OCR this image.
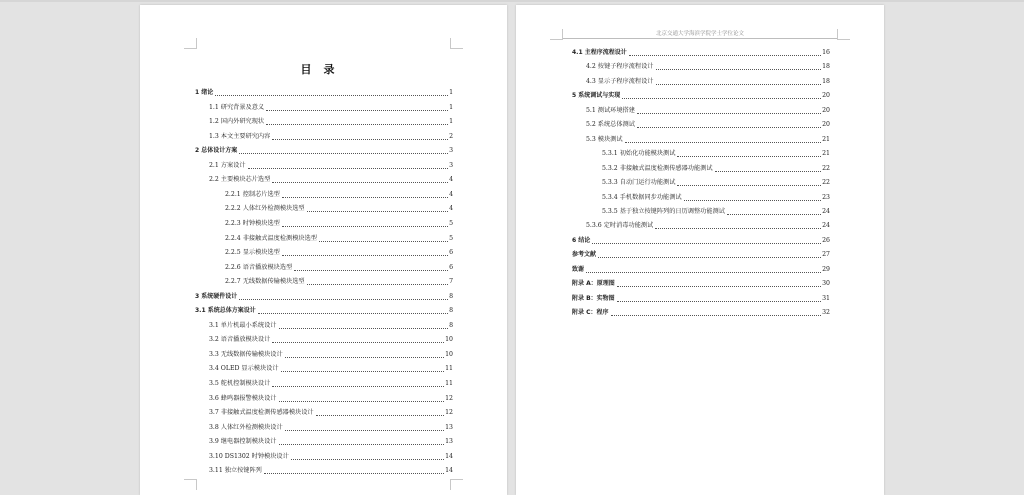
目录
1 绪论	1
1.1 研究背景及意义	1
1.2 国内外研究现状	1
1.3 本文主要研究内容	2
2 总体设计方案	3
2.1 方案设计	3
2.2 主要模块芯片选型	4
2.2.1 控制芯片选型	4
2.2.2 人体红外检测模块选型	4
2.2.3 时钟模块选型	5
2.2.4 非接触式温度检测模块选型	5
2.2.5 显示模块选型	6
2.2.6 语音播放模块选型	6
2.2.7 无线数据传输模块选型	7
3 系统硬件设计	8
3.1 系统总体方案设计	8
3.1 单片机最小系统设计	8
3.2 语音播放模块设计	10
3.3 无线数据传输模块设计	10
3.4 OLED 显示模块设计	11
3.5 舵机控制模块设计	11
3.6 蜂鸣器报警模块设计	12
3.7 非接触式温度检测传感器模块设计	12
3.8 人体红外检测模块设计	13
3.9 继电器控制模块设计	13
3.10 DS1302 时钟模块设计	14
3.11 独立按键阵列	14
北京交通大学海滨学院学士学位论文
4.1 主程序流程设计	16
4.2 按键子程序流程设计	18
4.3 显示子程序流程设计	18
5 系统调试与实现	20
5.1 测试环境搭建	20
5.2 系统总体测试	20
5.3 模块测试	21
5.3.1 初始化功能模块测试	21
5.3.2 非接触式温度检测传感器功能测试	22
5.3.3 自动门运行功能测试	22
5.3.4 手机数据同步功能测试	23
5.3.5 基于独立按键阵列的日历调整功能测试	24
5.3.6 定时消毒功能测试	24
6 结论	26
参考文献	27
致谢	29
附录 A：原理图	30
附录 B：实物图	31
附录 C：程序	32
